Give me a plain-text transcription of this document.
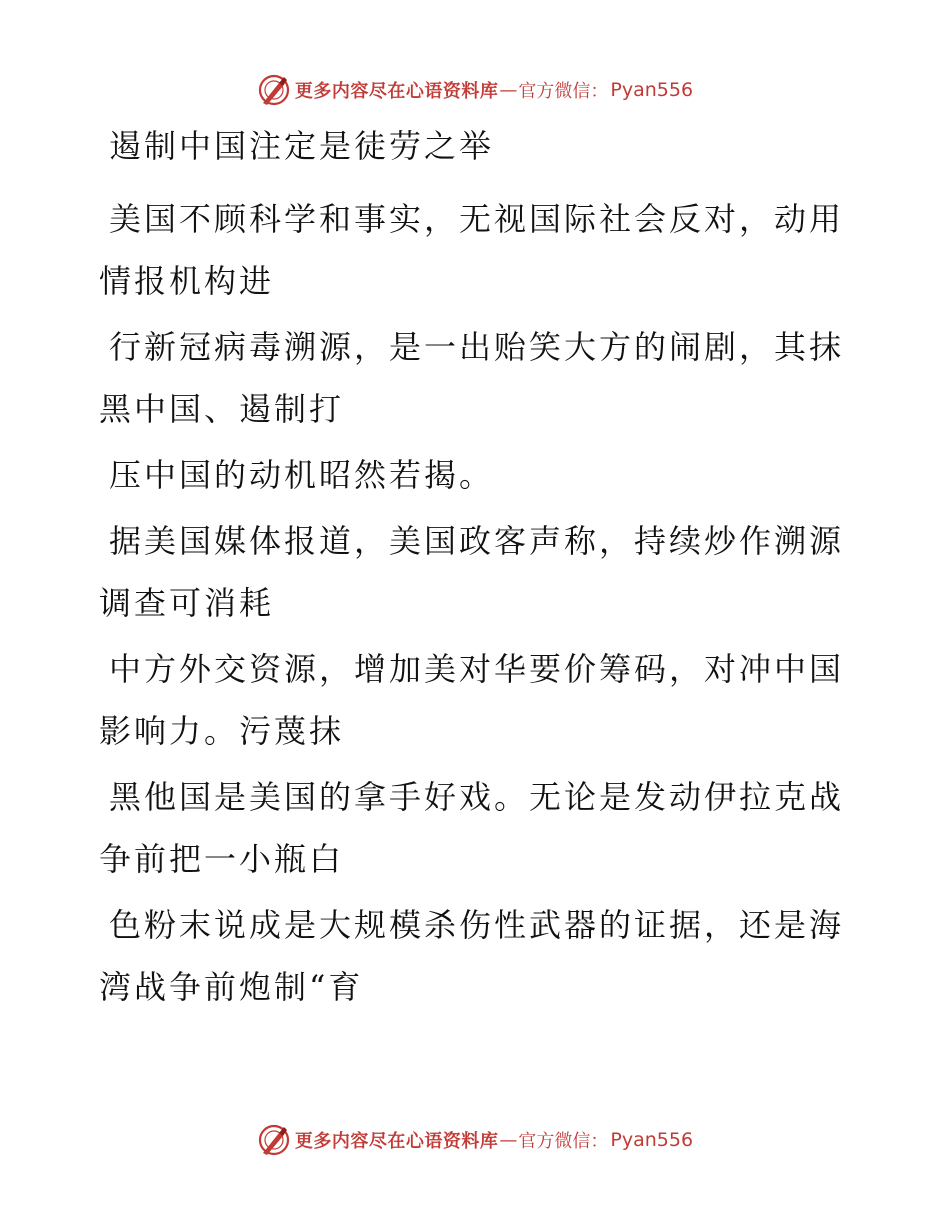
更多内容尽在心语资料库 — 官方微信： Pyan556
遏制中国注定是徒劳之举
美国不顾科学和事实，无视国际社会反对，动用
情报机构进
行新冠病毒溯源，是一出贻笑大方的闹剧，其抹
黑中国、遏制打
压中国的动机昭然若揭。
据美国媒体报道，美国政客声称，持续炒作溯源
调查可消耗
中方外交资源，增加美对华要价筹码，对冲中国
影响力。污蔑抹
黑他国是美国的拿手好戏。无论是发动伊拉克战
争前把一小瓶白
色粉末说成是大规模杀伤性武器的证据，还是海
湾战争前炮制“育
更多内容尽在心语资料库 — 官方微信： Pyan556
